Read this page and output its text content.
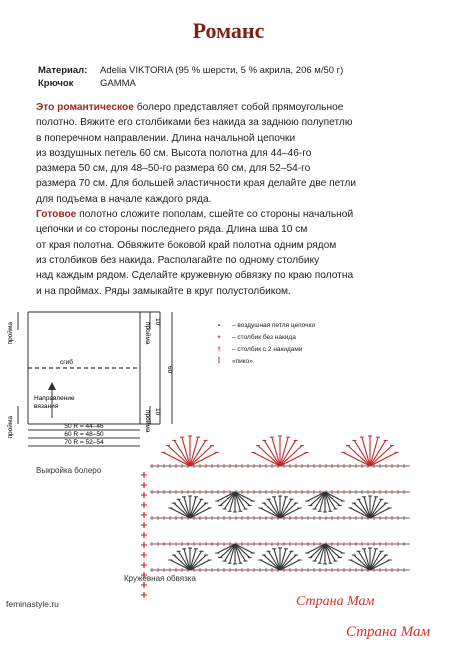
Романс
Материал: Adelia VIKTORIA (95 % шерсти, 5 % акрила, 206 м/50 г)
Крючок	GAMMA

Это романтическое болеро представляет собой прямоугольное
полотно. Вяжите его столбиками без накида за заднюю полупетлю
в поперечном направлении. Длина начальной цепочки
из воздушных петель 60 см. Высота полотна для 44–46-го
размера 50 см, для 48–50-го размера 60 см, для 52–54-го
размера 70 см. Для большей эластичности края делайте две петли
для подъема в начале каждого ряда.

Готовое полотно сложите пополам, сшейте со стороны начальной
цепочки и со стороны последнего ряда. Длина шва 10 см
от края полотна. Обвяжите боковой край полотна одним рядом
из столбиков без накида. Располагайте по одному столбику
над каждым рядом. Сделайте кружевную обвязку по краю полотна
и на проймах. Ряды замыкайте в круг полустолбиком.

пройма
пройма
пройма
пройма
сгиб
Направление
вязания
60
10
10
50 R = 44–46
60 R = 48–50
70 R = 52–54
Выкройка болеро
•	– воздушная петля цепочки
+	– столбик без накида
†	– столбик с 2 накидами
ꟾ	«пико»
Кружевная обвязка
feminastyle.ru	Страна Мам
Страна Мам
